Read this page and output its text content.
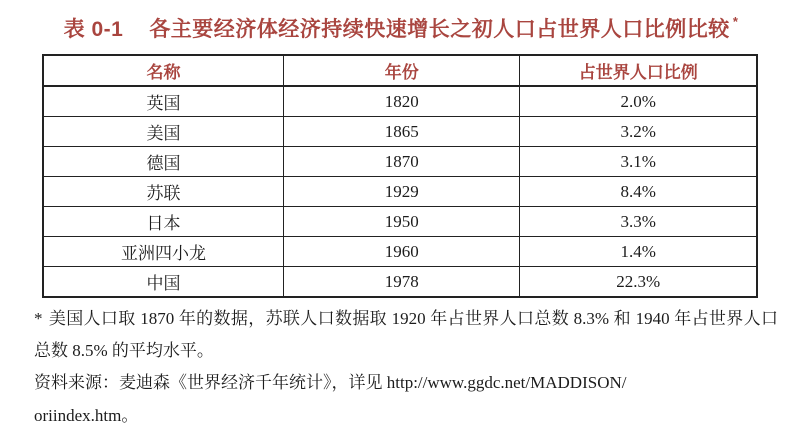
表 0-1 各主要经济体经济持续快速增长之初人口占世界人口比例比较 *
名称	年份	占世界人口比例
英国	1820	2.0%
美国	1865	3.2%
德国	1870	3.1%
苏联	1929	8.4%
日本	1950	3.3%
亚洲四小龙	1960	1.4%
中国	1978	22.3%

* 美国人口取 1870 年的数据，苏联人口数据取 1920 年占世界人口总数 8.3% 和 1940 年占世界人口总数 8.5% 的平均水平。

资料来源：麦迪森《世界经济千年统计》，详见 http://www.ggdc.net/MADDISON/
oriindex.htm。
